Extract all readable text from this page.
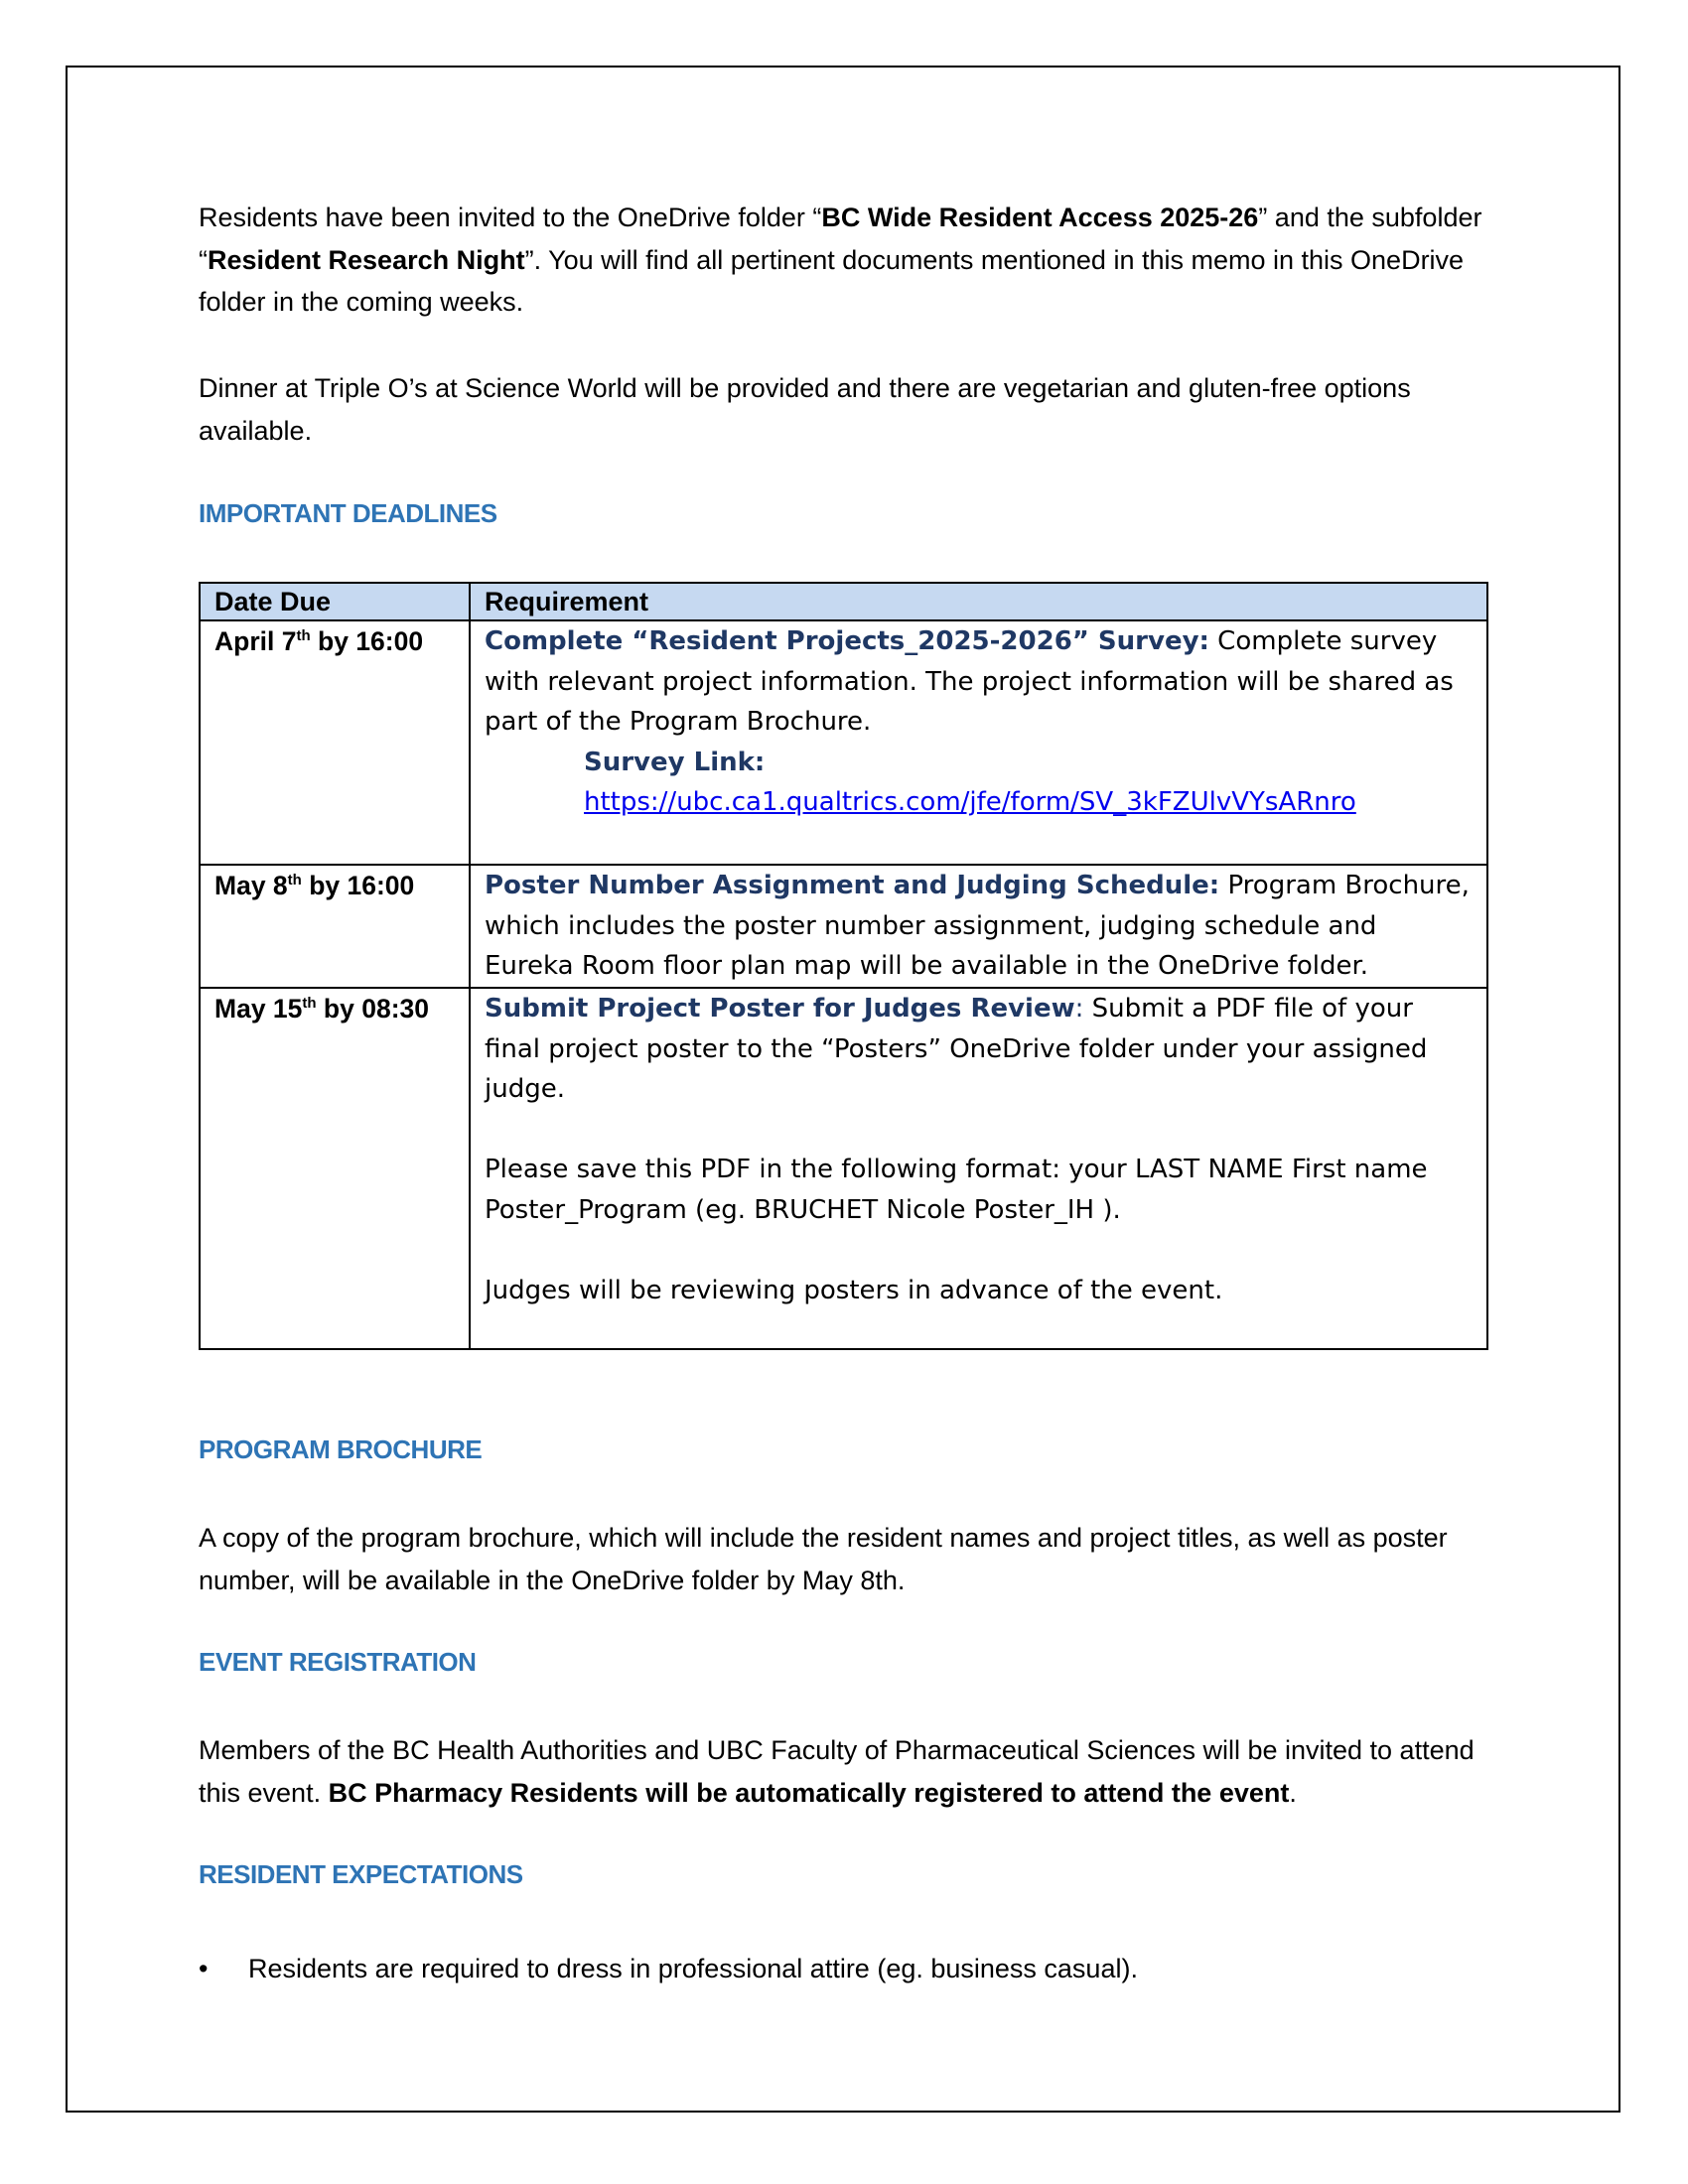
Residents have been invited to the OneDrive folder “BC Wide Resident Access 2025-26” and the subfolder “Resident Research Night”. You will find all pertinent documents mentioned in this memo in this OneDrive folder in the coming weeks.

Dinner at Triple O’s at Science World will be provided and there are vegetarian and gluten-free options available.

IMPORTANT DEADLINES
Date Due	Requirement
April 7th by 16:00	Complete “Resident Projects_2025-2026” Survey: Complete survey with relevant project information. The project information will be shared as part of the Program Brochure.
Survey Link:
https://ubc.ca1.qualtrics.com/jfe/form/SV_3kFZUlvVYsARnro

May 8th by 16:00	Poster Number Assignment and Judging Schedule: Program Brochure, which includes the poster number assignment, judging schedule and Eureka Room floor plan map will be available in the OneDrive folder.
May 15th by 08:30	Submit Project Poster for Judges Review: Submit a PDF file of your final project poster to the “Posters” OneDrive folder under your assigned judge.
Please save this PDF in the following format: your LAST NAME First name Poster_Program (eg. BRUCHET Nicole Poster_IH ).
Judges will be reviewing posters in advance of the event.
PROGRAM BROCHURE

A copy of the program brochure, which will include the resident names and project titles, as well as poster number, will be available in the OneDrive folder by May 8th.

EVENT REGISTRATION

Members of the BC Health Authorities and UBC Faculty of Pharmaceutical Sciences will be invited to attend this event. BC Pharmacy Residents will be automatically registered to attend the event.

RESIDENT EXPECTATIONS
•	Residents are required to dress in professional attire (eg. business casual).
